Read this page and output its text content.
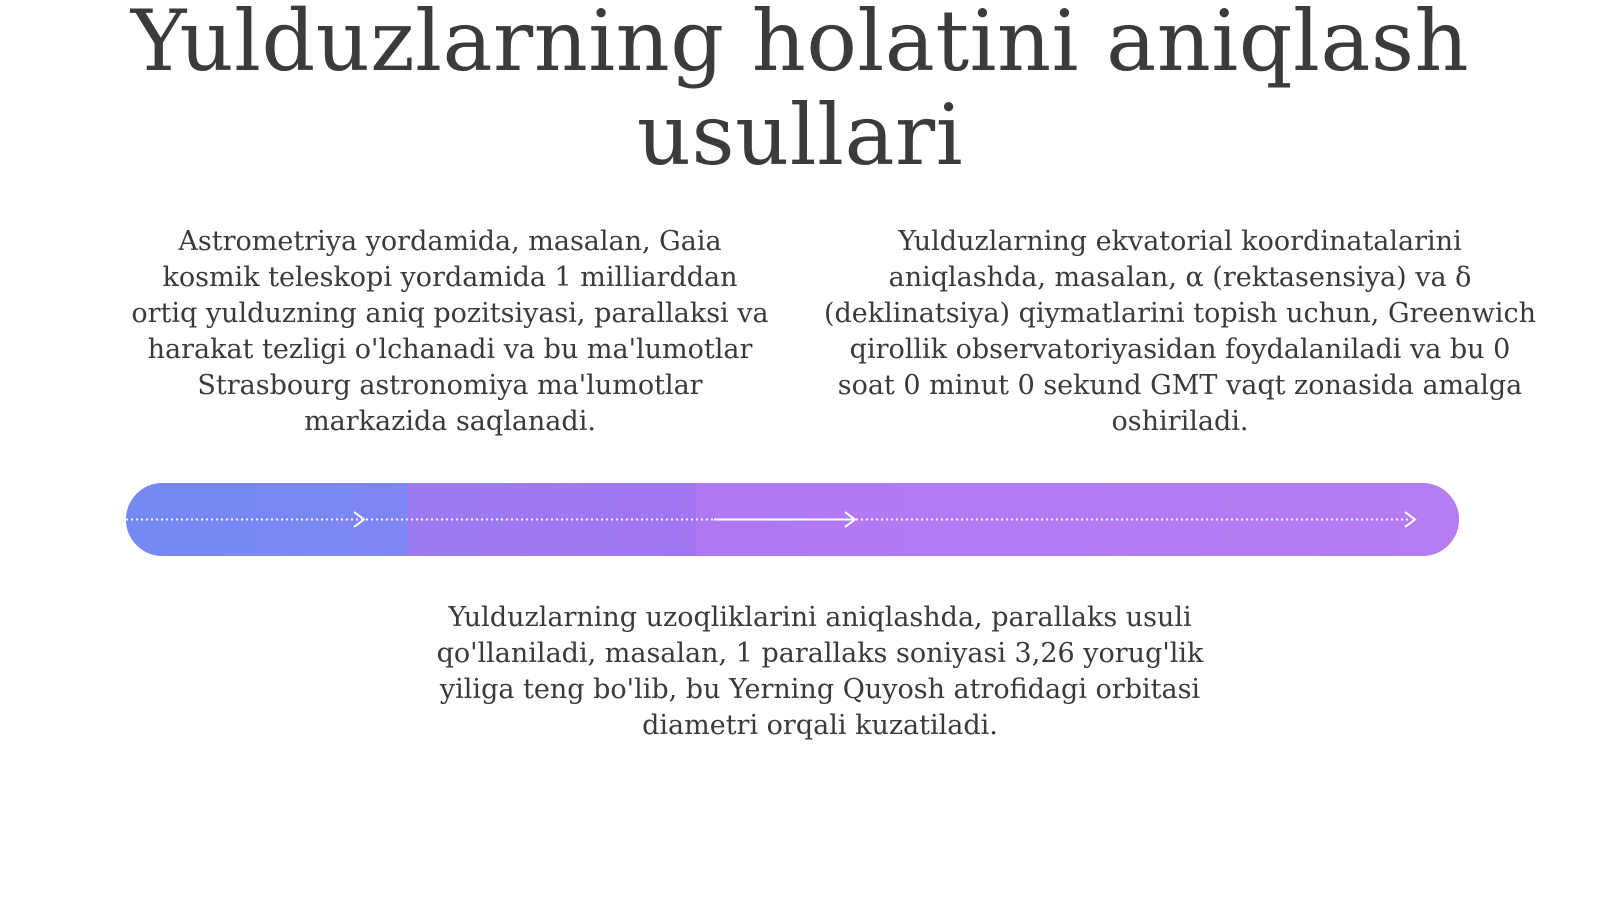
Yulduzlarning holatini aniqlash usullari

Astrometriya yordamida, masalan, Gaia kosmik teleskopi yordamida 1 milliarddan ortiq yulduzning aniq pozitsiyasi, parallaksi va harakat tezligi o'lchanadi va bu ma'lumotlar Strasbourg astronomiya ma'lumotlar markazida saqlanadi.

Yulduzlarning ekvatorial koordinatalarini aniqlashda, masalan, α (rektasensiya) va δ (deklinatsiya) qiymatlarini topish uchun, Greenwich qirollik observatoriyasidan foydalaniladi va bu 0 soat 0 minut 0 sekund GMT vaqt zonasida amalga oshiriladi.

Yulduzlarning uzoqliklarini aniqlashda, parallaks usuli qo'llaniladi, masalan, 1 parallaks soniyasi 3,26 yorug'lik yiliga teng bo'lib, bu Yerning Quyosh atrofidagi orbitasi diametri orqali kuzatiladi.
